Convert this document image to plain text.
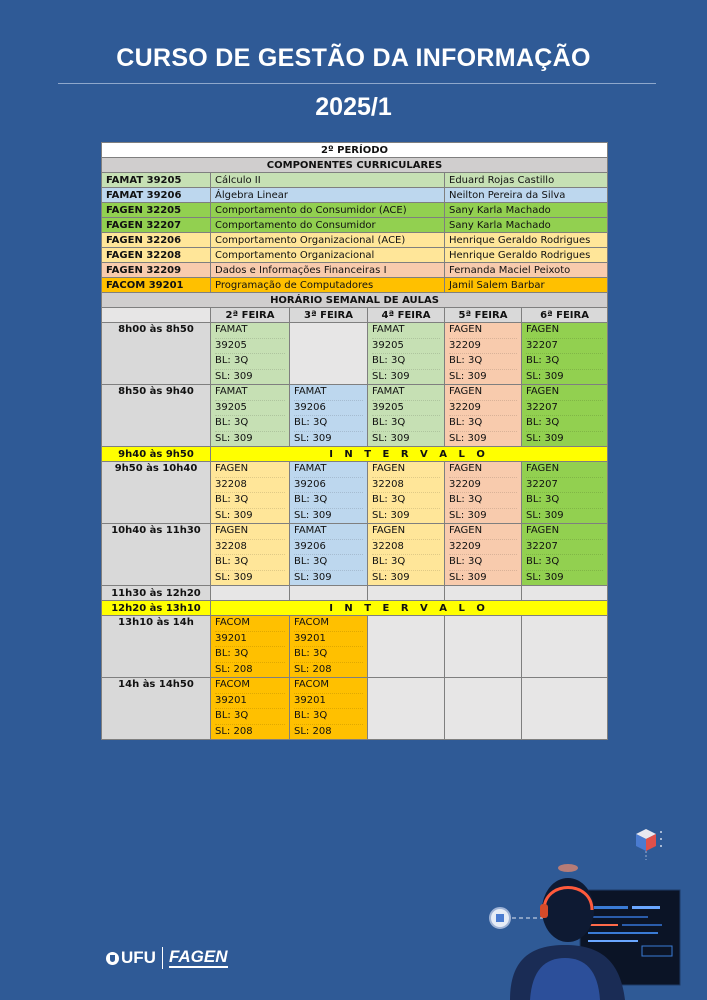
CURSO DE GESTÃO DA INFORMAÇÃO
2025/1
2º PERÍODO					
COMPONENTES CURRICULARES					
FAMAT 39205	Cálculo II			Eduard Rojas Castillo	
FAMAT 39206	Álgebra Linear			Neilton Pereira da Silva	
FAGEN 32205	Comportamento do Consumidor (ACE)			Sany Karla Machado	
FAGEN 32207	Comportamento do Consumidor			Sany Karla Machado	
FAGEN 32206	Comportamento Organizacional (ACE)			Henrique Geraldo Rodrigues	
FAGEN 32208	Comportamento Organizacional			Henrique Geraldo Rodrigues	
FAGEN 32209	Dados e Informações Financeiras I			Fernanda Maciel Peixoto	
FACOM 39201	Programação de Computadores			Jamil Salem Barbar	
HORÁRIO SEMANAL DE AULAS					
	2ª FEIRA	3ª FEIRA	4ª FEIRA	5ª FEIRA	6ª FEIRA
8h00 às 8h50	FAMAT
39205
BL: 3Q
SL: 309		FAMAT
39205
BL: 3Q
SL: 309	FAGEN
32209
BL: 3Q
SL: 309	FAGEN
32207
BL: 3Q
SL: 309

8h50 às 9h40	FAMAT
39205
BL: 3Q
SL: 309	FAMAT
39206
BL: 3Q
SL: 309	FAMAT
39205
BL: 3Q
SL: 309	FAGEN
32209
BL: 3Q
SL: 309	FAGEN
32207
BL: 3Q
SL: 309

9h40 às 9h50	I N T E R V A L O				
9h50 às 10h40	FAGEN
32208
BL: 3Q
SL: 309	FAMAT
39206
BL: 3Q
SL: 309	FAGEN
32208
BL: 3Q
SL: 309	FAGEN
32209
BL: 3Q
SL: 309	FAGEN
32207
BL: 3Q
SL: 309

10h40 às 11h30	FAGEN
32208
BL: 3Q
SL: 309	FAMAT
39206
BL: 3Q
SL: 309	FAGEN
32208
BL: 3Q
SL: 309	FAGEN
32209
BL: 3Q
SL: 309	FAGEN
32207
BL: 3Q
SL: 309

11h30 às 12h20					
12h20 às 13h10	I N T E R V A L O				
13h10 às 14h	FACOM
39201
BL: 3Q
SL: 208	FACOM
39201
BL: 3Q
SL: 208			

14h às 14h50	FACOM
39201
BL: 3Q
SL: 208	FACOM
39201
BL: 3Q
SL: 208			

UFU FAGEN
